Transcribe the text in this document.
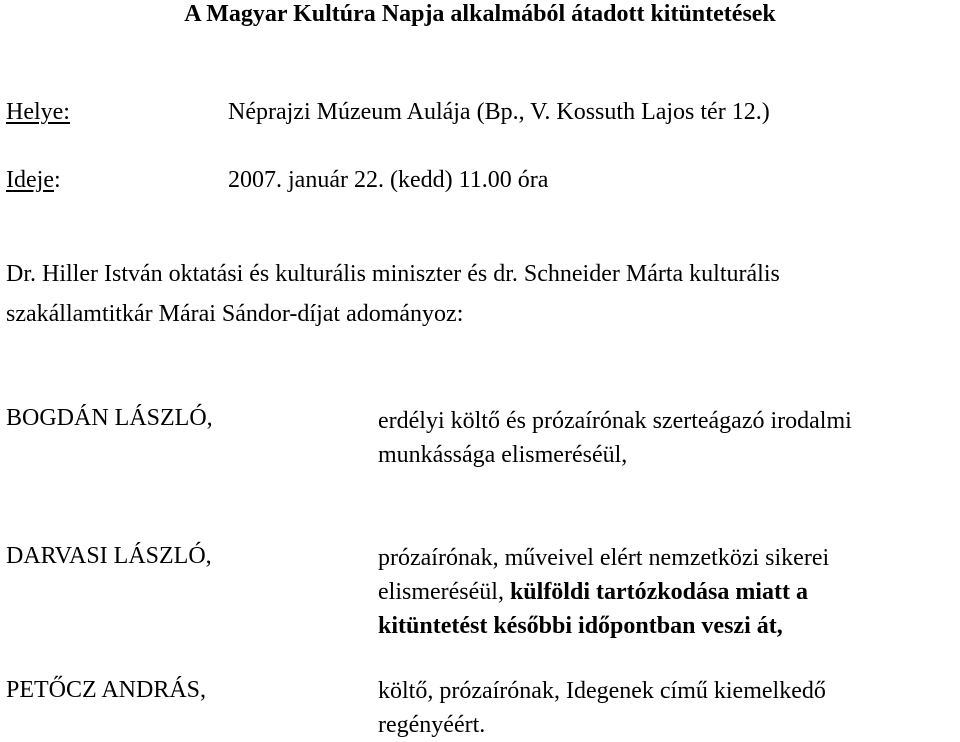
A Magyar Kultúra Napja alkalmából átadott kitüntetések
Helye:	Néprajzi Múzeum Aulája (Bp., V. Kossuth Lajos tér 12.)
Ideje:	2007. január 22. (kedd) 11.00 óra
Dr. Hiller István oktatási és kulturális miniszter és dr. Schneider Márta kulturális
szakállamtitkár Márai Sándor-díjat adományoz:
BOGDÁN LÁSZLÓ,	erdélyi költő és prózaírónak szerteágazó irodalmi
munkássága elismeréséül,
DARVASI LÁSZLÓ,	prózaírónak, műveivel elért nemzetközi sikerei
elismeréséül, külföldi tartózkodása miatt a
kitüntetést későbbi időpontban veszi át,
PETŐCZ ANDRÁS,	költő, prózaírónak, Idegenek című kiemelkedő
regényéért.
